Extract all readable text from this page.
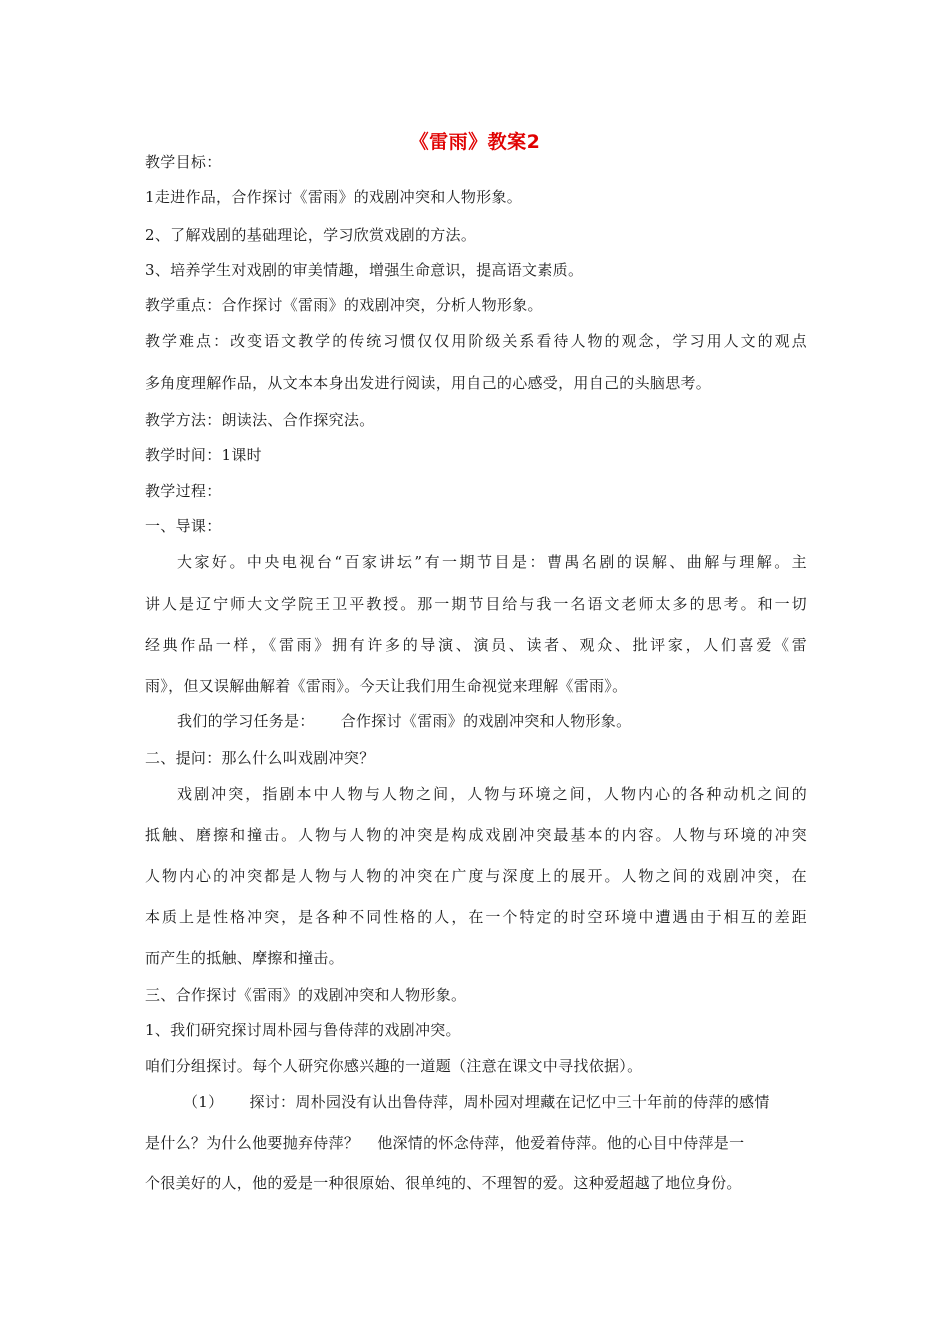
《雷雨》教案2
教学目标：
1走进作品，合作探讨《雷雨》的戏剧冲突和人物形象。
2、了解戏剧的基础理论，学习欣赏戏剧的方法。
3、培养学生对戏剧的审美情趣，增强生命意识，提高语文素质。
教学重点：合作探讨《雷雨》的戏剧冲突，分析人物形象。
教学难点：改变语文教学的传统习惯仅仅用阶级关系看待人物的观念，学习用人文的观点
多角度理解作品，从文本本身出发进行阅读，用自己的心感受，用自己的头脑思考。
教学方法：朗读法、合作探究法。
教学时间：1课时
教学过程：
一、导课：
大家好。中央电视台“百家讲坛”有一期节目是：曹禺名剧的误解、曲解与理解。主
讲人是辽宁师大文学院王卫平教授。那一期节目给与我一名语文老师太多的思考。和一切
经典作品一样，《雷雨》拥有许多的导演、演员、读者、观众、批评家，人们喜爱《雷
雨》，但又误解曲解着《雷雨》。今天让我们用生命视觉来理解《雷雨》。
我们的学习任务是： 合作探讨《雷雨》的戏剧冲突和人物形象。
二、提问：那么什么叫戏剧冲突？
戏剧冲突，指剧本中人物与人物之间，人物与环境之间，人物内心的各种动机之间的
抵触、磨擦和撞击。人物与人物的冲突是构成戏剧冲突最基本的内容。人物与环境的冲突
人物内心的冲突都是人物与人物的冲突在广度与深度上的展开。人物之间的戏剧冲突，在
本质上是性格冲突，是各种不同性格的人，在一个特定的时空环境中遭遇由于相互的差距
而产生的抵触、摩擦和撞击。
三、合作探讨《雷雨》的戏剧冲突和人物形象。
1、我们研究探讨周朴园与鲁侍萍的戏剧冲突。
咱们分组探讨。每个人研究你感兴趣的一道题（注意在课文中寻找依据）。
（1） 探讨：周朴园没有认出鲁侍萍，周朴园对埋藏在记忆中三十年前的侍萍的感情
是什么？为什么他要抛弃侍萍？ 他深情的怀念侍萍，他爱着侍萍。他的心目中侍萍是一
个很美好的人，他的爱是一种很原始、很单纯的、不理智的爱。这种爱超越了地位身份。
